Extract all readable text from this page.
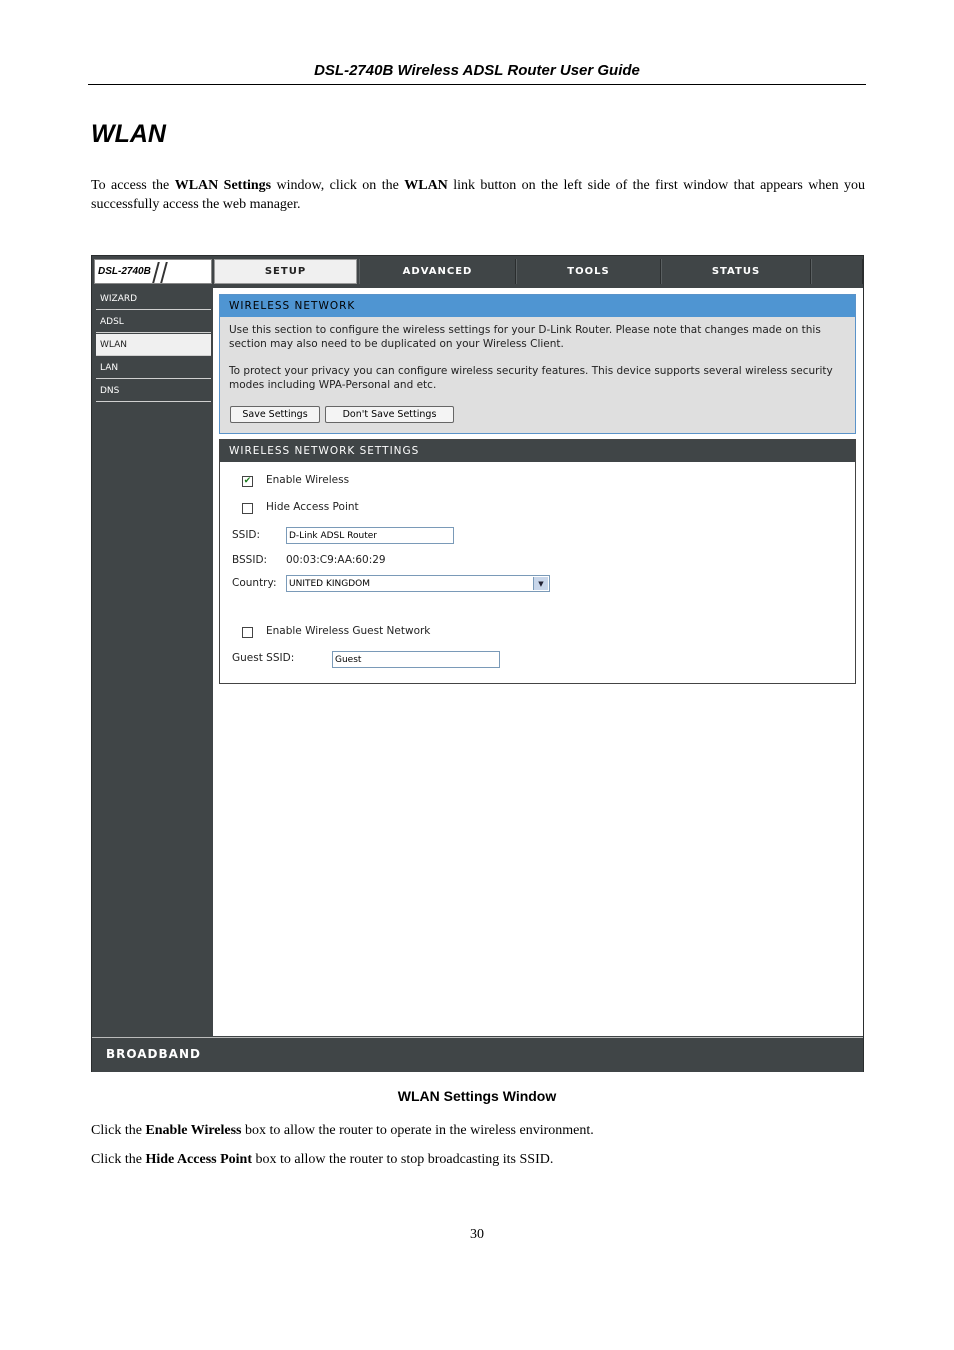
DSL-2740B Wireless ADSL Router User Guide
WLAN

To access the WLAN Settings window, click on the WLAN link button on the left side of the first window that appears when you successfully access the web manager.

DSL-2740B	SETUP	ADVANCED	TOOLS	STATUS
WIZARD
ADSL
WLAN
LAN
DNS
WIRELESS NETWORK

Use this section to configure the wireless settings for your D-Link Router. Please note that changes made on this section may also need to be duplicated on your Wireless Client.

To protect your privacy you can configure wireless security features. This device supports several wireless security modes including WPA-Personal and etc.

Save Settings	Don't Save Settings
WIRELESS NETWORK SETTINGS
✔ Enable Wireless
Hide Access Point
SSID:	D-Link ADSL Router
BSSID: 00:03:C9:AA:60:29
Country: UNITED KINGDOM	▼
Enable Wireless Guest Network
Guest SSID:	Guest
BROADBAND
WLAN Settings Window

Click the Enable Wireless box to allow the router to operate in the wireless environment.

Click the Hide Access Point box to allow the router to stop broadcasting its SSID.

30
